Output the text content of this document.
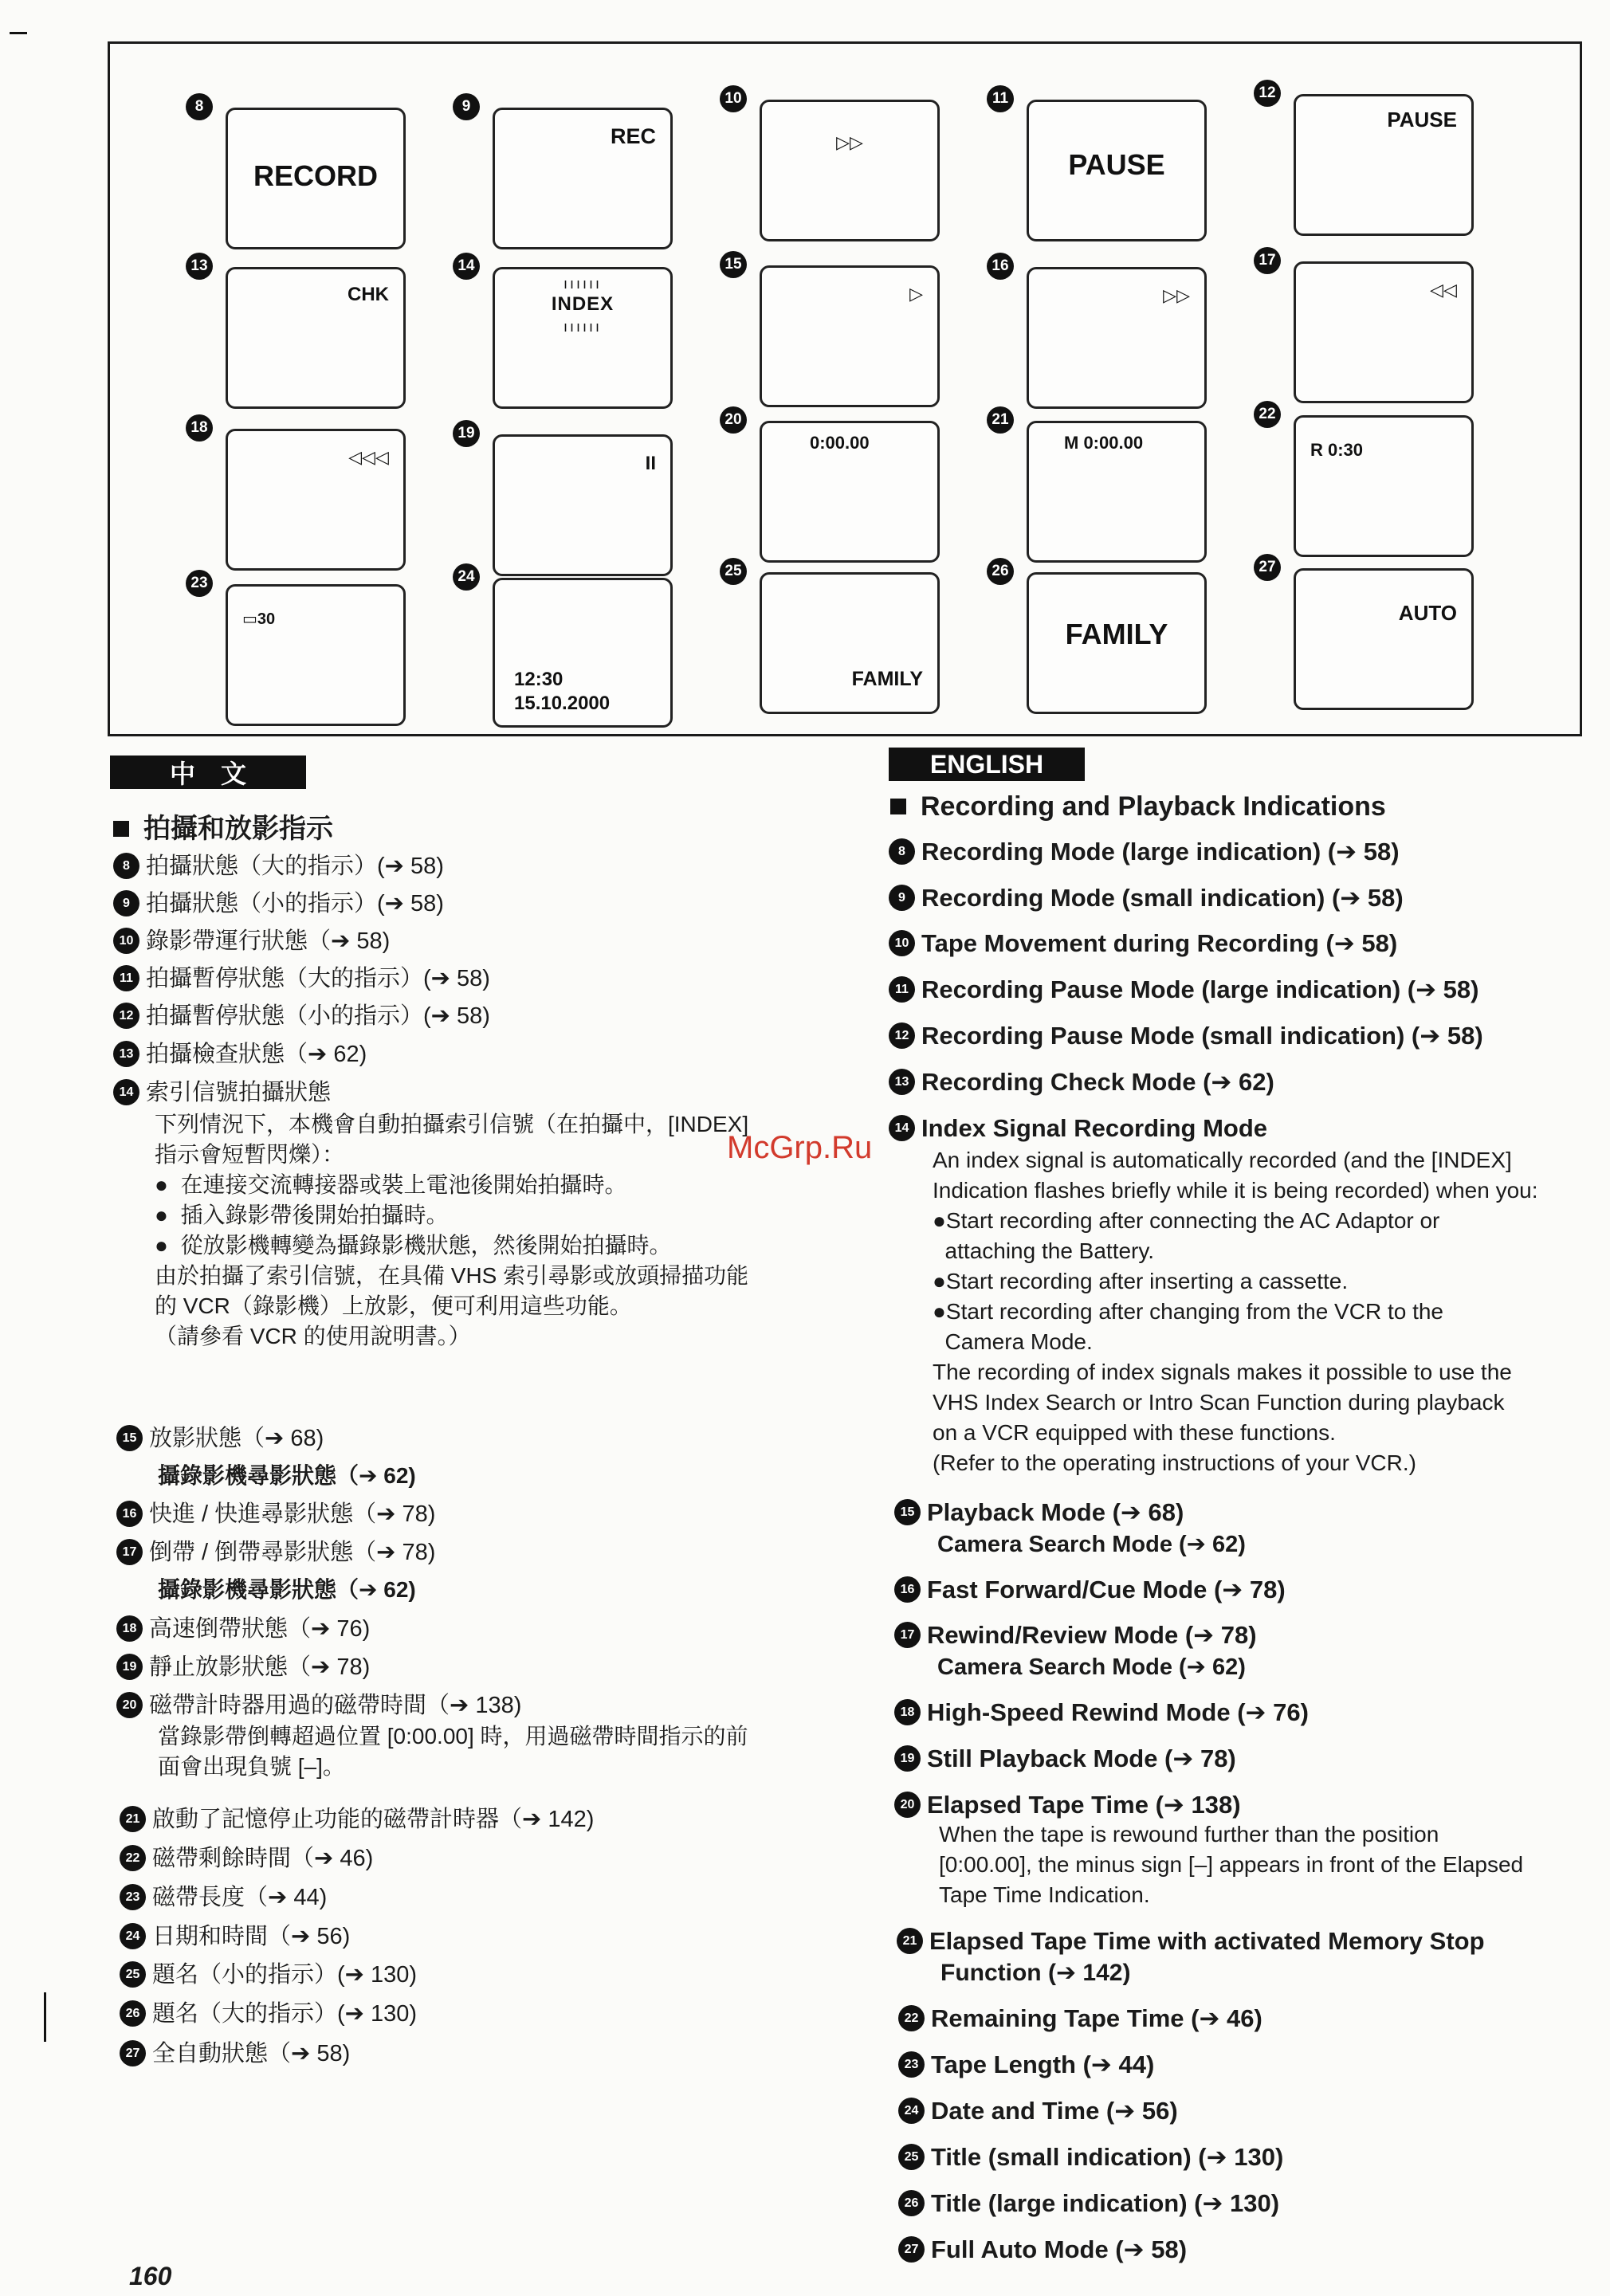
8
RECORD
9
REC
10
▷▷
11
PAUSE
12
PAUSE
13
CHK
14
ıııııı
INDEX
ıııııı
15
▷
16
▷▷
17
◁◁
18
◁◁◁
19
II
20
0:00.00
21
M 0:00.00
22
R 0:30
23
▭30
24
12:30
15.10.2000
25
FAMILY
26
FAMILY
27
AUTO
中　文
拍攝和放影指示
8 拍攝狀態（大的指示）(➔ 58)
9 拍攝狀態（小的指示）(➔ 58)
10 錄影帶運行狀態（➔ 58)
11 拍攝暫停狀態（大的指示）(➔ 58)
12 拍攝暫停狀態（小的指示）(➔ 58)
13 拍攝檢查狀態（➔ 62)
14 索引信號拍攝狀態
下列情況下，本機會自動拍攝索引信號（在拍攝中，[INDEX]
指示會短暫閃爍）：
●  在連接交流轉接器或裝上電池後開始拍攝時。
●  插入錄影帶後開始拍攝時。
●  從放影機轉變為攝錄影機狀態，然後開始拍攝時。
由於拍攝了索引信號，在具備 VHS 索引尋影或放頭掃描功能
的 VCR（錄影機）上放影，便可利用這些功能。
（請參看 VCR 的使用說明書。）
15 放影狀態（➔ 68)
攝錄影機尋影狀態（➔ 62)
16 快進 / 快進尋影狀態（➔ 78)
17 倒帶 / 倒帶尋影狀態（➔ 78)
攝錄影機尋影狀態（➔ 62)
18 高速倒帶狀態（➔ 76)
19 靜止放影狀態（➔ 78)
20 磁帶計時器用過的磁帶時間（➔ 138)
當錄影帶倒轉超過位置 [0:00.00] 時，用過磁帶時間指示的前
面會出現負號 [–]。
21 啟動了記憶停止功能的磁帶計時器（➔ 142)
22 磁帶剩餘時間（➔ 46)
23 磁帶長度（➔ 44)
24 日期和時間（➔ 56)
25 題名（小的指示）(➔ 130)
26 題名（大的指示）(➔ 130)
27 全自動狀態（➔ 58)
ENGLISH
Recording and Playback Indications
8 Recording Mode (large indication) (➔ 58)
9 Recording Mode (small indication) (➔ 58)
10 Tape Movement during Recording (➔ 58)
11 Recording Pause Mode (large indication) (➔ 58)
12 Recording Pause Mode (small indication) (➔ 58)
13 Recording Check Mode (➔ 62)
14 Index Signal Recording Mode
An index signal is automatically recorded (and the [INDEX]
Indication flashes briefly while it is being recorded) when you:
●Start recording after connecting the AC Adaptor or
attaching the Battery.
●Start recording after inserting a cassette.
●Start recording after changing from the VCR to the
Camera Mode.
The recording of index signals makes it possible to use the
VHS Index Search or Intro Scan Function during playback
on a VCR equipped with these functions.
(Refer to the operating instructions of your VCR.)
15 Playback Mode (➔ 68)
Camera Search Mode (➔ 62)
16 Fast Forward/Cue Mode (➔ 78)
17 Rewind/Review Mode (➔ 78)
Camera Search Mode (➔ 62)
18 High-Speed Rewind Mode (➔ 76)
19 Still Playback Mode (➔ 78)
20 Elapsed Tape Time (➔ 138)
When the tape is rewound further than the position
[0:00.00], the minus sign [–] appears in front of the Elapsed
Tape Time Indication.
21 Elapsed Tape Time with activated Memory Stop
Function (➔ 142)
22 Remaining Tape Time (➔ 46)
23 Tape Length (➔ 44)
24 Date and Time (➔ 56)
25 Title (small indication) (➔ 130)
26 Title (large indication) (➔ 130)
27 Full Auto Mode (➔ 58)
McGrp.Ru
160
